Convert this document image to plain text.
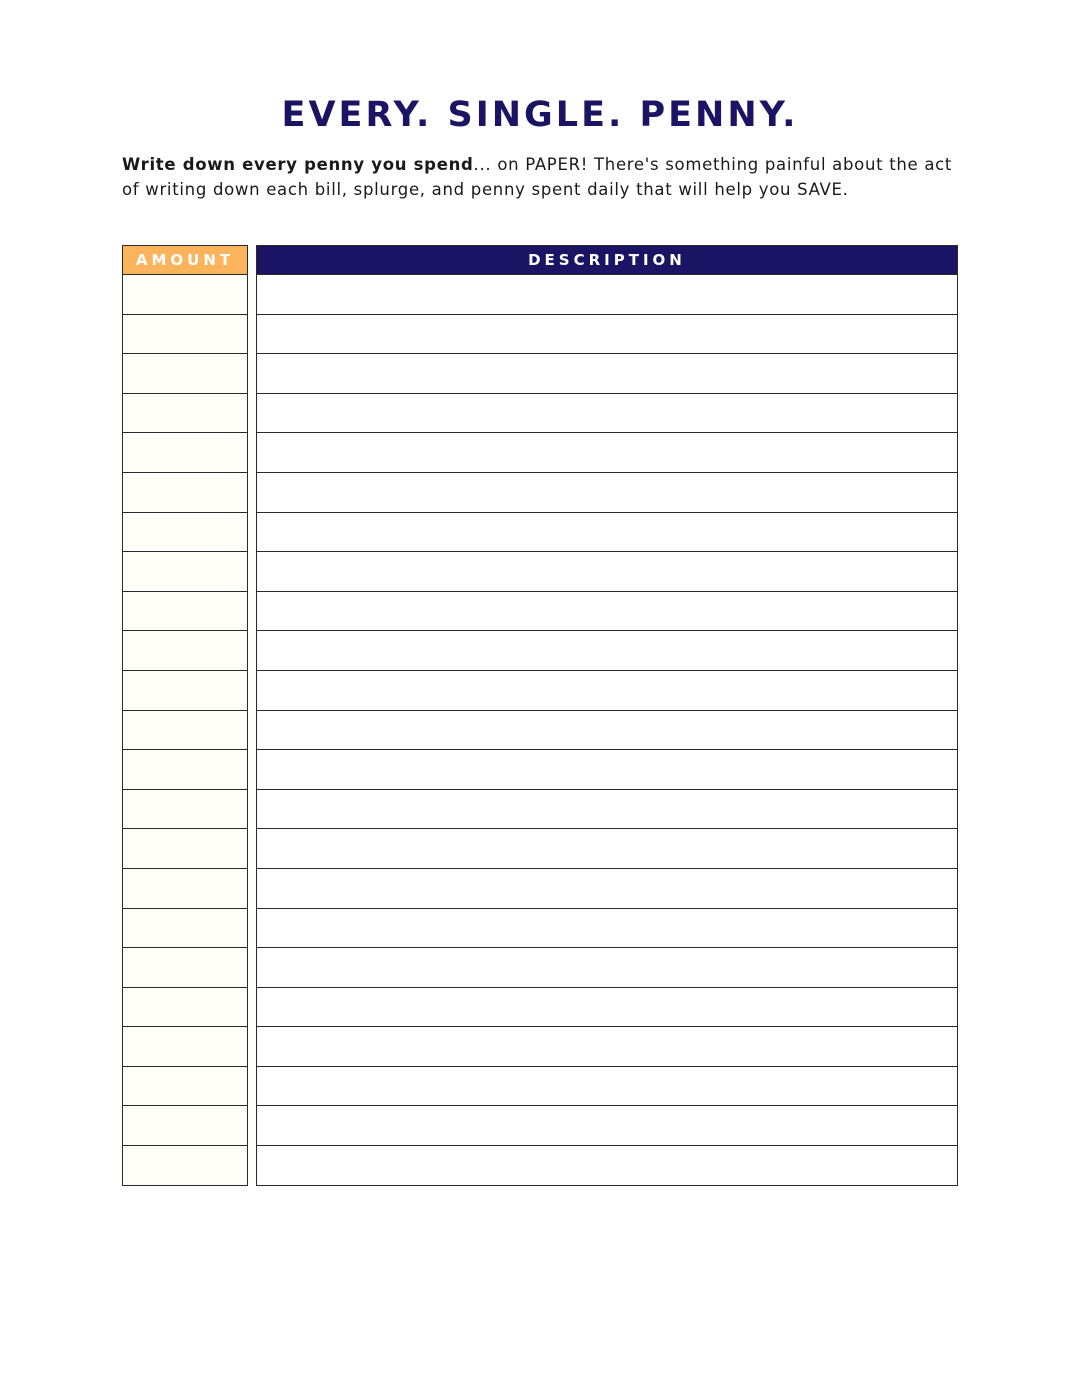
EVERY. SINGLE. PENNY.

Write down every penny you spend... on PAPER! There's something painful about the act of writing down each bill, splurge, and penny spent daily that will help you SAVE.

AMOUNT	DESCRIPTION
